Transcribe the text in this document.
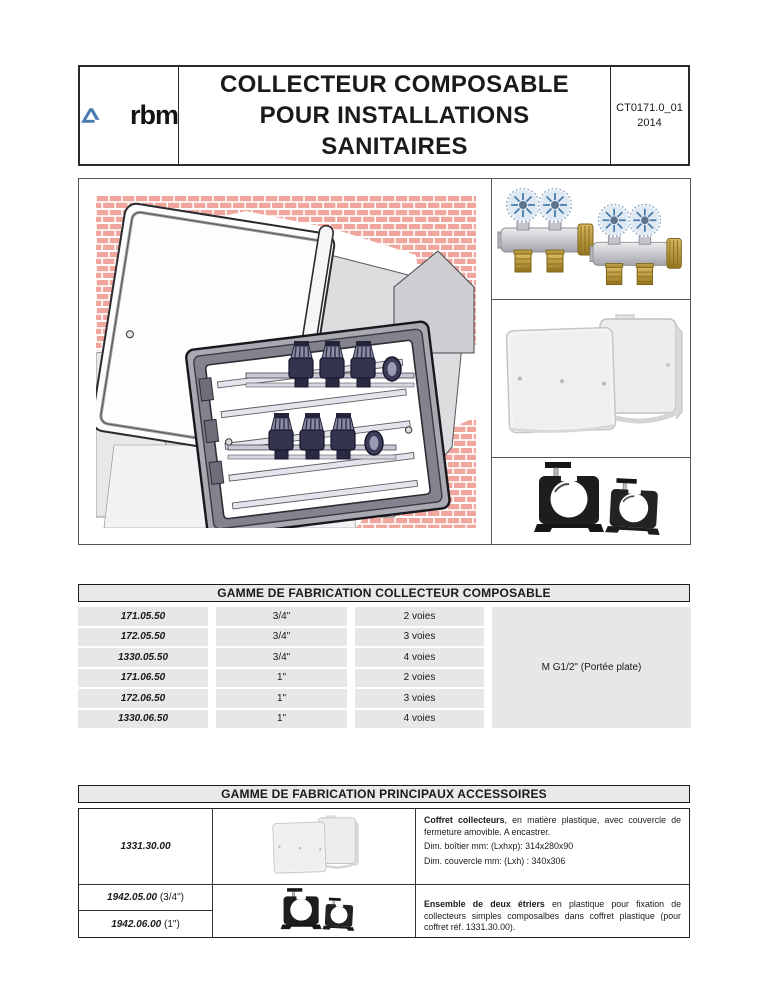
rbm
COLLECTEUR COMPOSABLE
POUR INSTALLATIONS
SANITAIRES
CT0171.0_01
2014
GAMME DE FABRICATION COLLECTEUR COMPOSABLE
171.05.50	3/4"	2 voies
172.05.50	3/4"	3 voies
1330.05.50	3/4"	4 voies
171.06.50	1"	2 voies
172.06.50	1"	3 voies
1330.06.50	1"	4 voies
M G1/2" (Portée plate)
GAMME DE FABRICATION PRINCIPAUX ACCESSOIRES
1331.30.00
Coffret collecteurs, en matière plastique, avec couvercle de fermeture amovible. A encastrer.
Dim. boîtier mm: (Lxhxp): 314x280x90
Dim. couvercle mm: (Lxh) : 340x306
1942.05.00 (3/4")
1942.06.00 (1")
Ensemble de deux étriers en plastique pour fixation de collecteurs simples composalbes dans coffret plastique (pour coffret réf. 1331.30.00).
